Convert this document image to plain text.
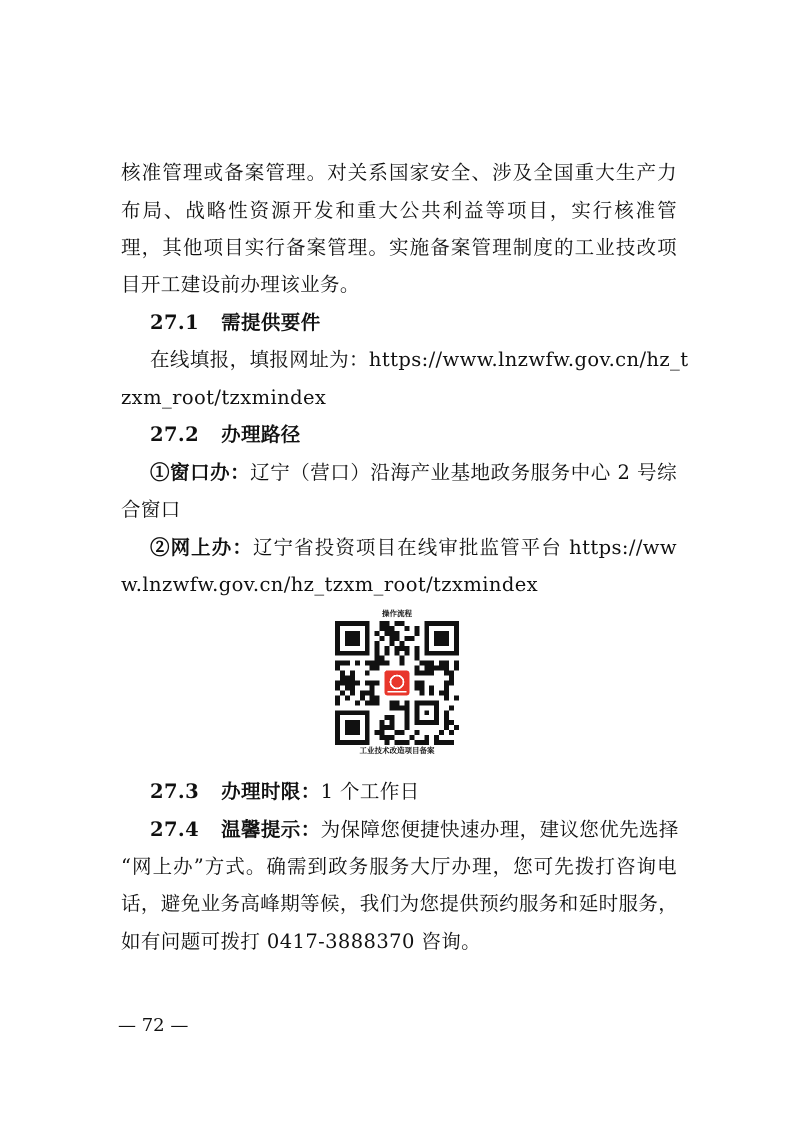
核准管理或备案管理。对关系国家安全、涉及全国重大生产力
布局、战略性资源开发和重大公共利益等项目，实行核准管
理，其他项目实行备案管理。实施备案管理制度的工业技改项
目开工建设前办理该业务。
27.1 需提供要件
在线填报，填报网址为：https://www.lnzwfw.gov.cn/hz_t
zxm_root/tzxmindex
27.2 办理路径
①窗口办：辽宁（营口）沿海产业基地政务服务中心 2 号综
合窗口
②网上办：辽宁省投资项目在线审批监管平台 https://ww
w.lnzwfw.gov.cn/hz_tzxm_root/tzxmindex
操作流程
工业技术改造项目备案
27.3 办理时限：1 个工作日
27.4 温馨提示：为保障您便捷快速办理，建议您优先选择
“网上办”方式。确需到政务服务大厅办理，您可先拨打咨询电
话，避免业务高峰期等候，我们为您提供预约服务和延时服务，
如有问题可拨打 0417-3888370 咨询。
— 72 —
